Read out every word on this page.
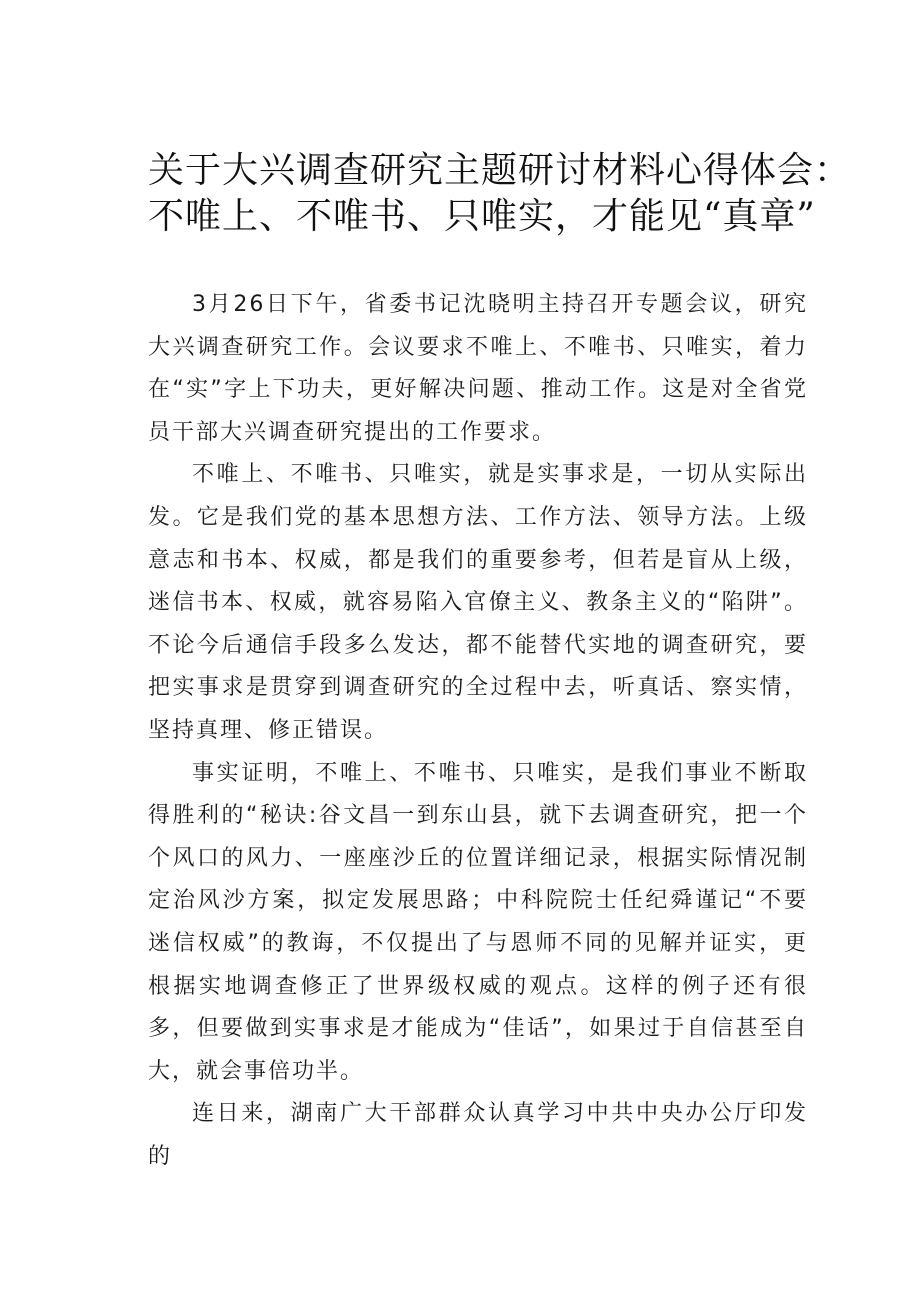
关于大兴调查研究主题研讨材料心得体会：
不唯上、不唯书、只唯实，才能见“真章”

3月26日下午，省委书记沈晓明主持召开专题会议，研究大兴调查研究工作。会议要求不唯上、不唯书、只唯实，着力在“实”字上下功夫，更好解决问题、推动工作。这是对全省党员干部大兴调查研究提出的工作要求。

不唯上、不唯书、只唯实，就是实事求是，一切从实际出发。它是我们党的基本思想方法、工作方法、领导方法。上级意志和书本、权威，都是我们的重要参考，但若是盲从上级，迷信书本、权威，就容易陷入官僚主义、教条主义的“陷阱”。不论今后通信手段多么发达，都不能替代实地的调查研究，要把实事求是贯穿到调查研究的全过程中去，听真话、察实情，坚持真理、修正错误。

事实证明，不唯上、不唯书、只唯实，是我们事业不断取得胜利的“秘诀:谷文昌一到东山县，就下去调查研究，把一个个风口的风力、一座座沙丘的位置详细记录，根据实际情况制定治风沙方案，拟定发展思路；中科院院士任纪舜谨记“不要迷信权威”的教诲，不仅提出了与恩师不同的见解并证实，更根据实地调查修正了世界级权威的观点。这样的例子还有很多，但要做到实事求是才能成为“佳话”，如果过于自信甚至自大，就会事倍功半。

连日来，湖南广大干部群众认真学习中共中央办公厅印发的
